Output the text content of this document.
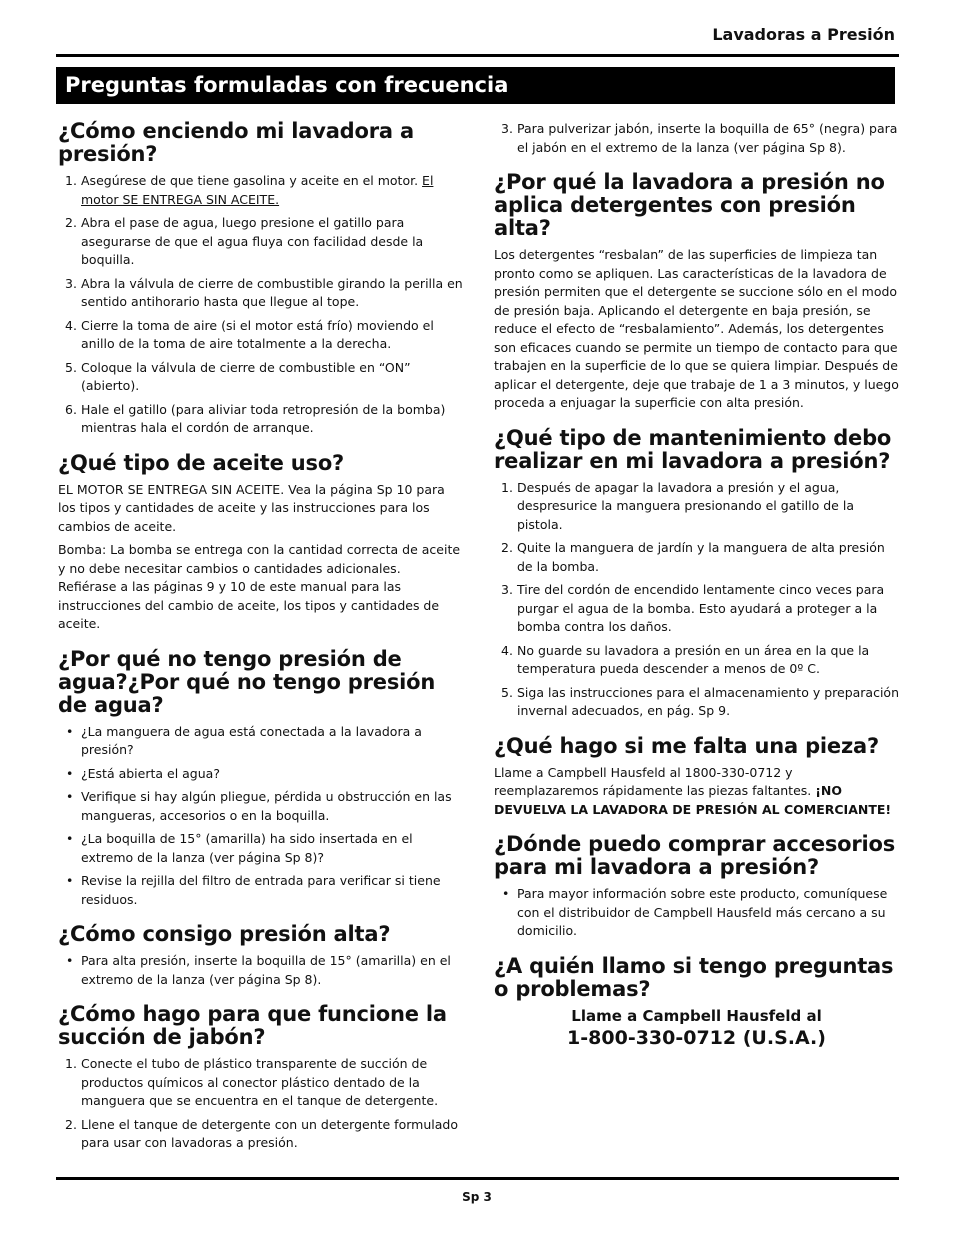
Lavadoras a Presión
Preguntas formuladas con frecuencia
¿Cómo enciendo mi lavadora a presión?
1. Asegúrese de que tiene gasolina y aceite en el motor. El motor SE ENTREGA SIN ACEITE.
2. Abra el pase de agua, luego presione el gatillo para asegurarse de que el agua fluya con facilidad desde la boquilla.
3. Abra la válvula de cierre de combustible girando la perilla en sentido antihorario hasta que llegue al tope.
4. Cierre la toma de aire (si el motor está frío) moviendo el anillo de la toma de aire totalmente a la derecha.
5. Coloque la válvula de cierre de combustible en “ON” (abierto).
6. Hale el gatillo (para aliviar toda retropresión de la bomba) mientras hala el cordón de arranque.
¿Qué tipo de aceite uso?

EL MOTOR SE ENTREGA SIN ACEITE. Vea la página Sp 10 para los tipos y cantidades de aceite y las instrucciones para los cambios de aceite.

Bomba: La bomba se entrega con la cantidad correcta de aceite y no debe necesitar cambios o cantidades adicionales. Refiérase a las páginas 9 y 10 de este manual para las instrucciones del cambio de aceite, los tipos y cantidades de aceite.

¿Por qué no tengo presión de agua?¿Por qué no tengo presión de agua?
• ¿La manguera de agua está conectada a la lavadora a presión?
• ¿Está abierta el agua?
• Verifique si hay algún pliegue, pérdida u obstrucción en las mangueras, accesorios o en la boquilla.
• ¿La boquilla de 15° (amarilla) ha sido insertada en el extremo de la lanza (ver página Sp 8)?
• Revise la rejilla del filtro de entrada para verificar si tiene residuos.
¿Cómo consigo presión alta?
• Para alta presión, inserte la boquilla de 15° (amarilla) en el extremo de la lanza (ver página Sp 8).
¿Cómo hago para que funcione la succión de jabón?
1. Conecte el tubo de plástico transparente de succión de productos químicos al conector plástico dentado de la manguera que se encuentra en el tanque de detergente.
2. Llene el tanque de detergente con un detergente formulado para usar con lavadoras a presión.
3. Para pulverizar jabón, inserte la boquilla de 65° (negra) para el jabón en el extremo de la lanza (ver página Sp 8).
¿Por qué la lavadora a presión no aplica detergentes con presión alta?

Los detergentes “resbalan” de las superficies de limpieza tan pronto como se apliquen. Las características de la lavadora de presión permiten que el detergente se succione sólo en el modo de presión baja. Aplicando el detergente en baja presión, se reduce el efecto de “resbalamiento”. Además, los detergentes son eficaces cuando se permite un tiempo de contacto para que trabajen en la superficie de lo que se quiera limpiar. Después de aplicar el detergente, deje que trabaje de 1 a 3 minutos, y luego proceda a enjuagar la superficie con alta presión.

¿Qué tipo de mantenimiento debo realizar en mi lavadora a presión?
1. Después de apagar la lavadora a presión y el agua, despresurice la manguera presionando el gatillo de la pistola.
2. Quite la manguera de jardín y la manguera de alta presión de la bomba.
3. Tire del cordón de encendido lentamente cinco veces para purgar el agua de la bomba. Esto ayudará a proteger a la bomba contra los daños.
4. No guarde su lavadora a presión en un área en la que la temperatura pueda descender a menos de 0º C.
5. Siga las instrucciones para el almacenamiento y preparación invernal adecuados, en pág. Sp 9.
¿Qué hago si me falta una pieza?

Llame a Campbell Hausfeld al 1800-330-0712 y reemplazaremos rápidamente las piezas faltantes. ¡NO DEVUELVA LA LAVADORA DE PRESIÓN AL COMERCIANTE!

¿Dónde puedo comprar accesorios para mi lavadora a presión?
• Para mayor información sobre este producto, comuníquese con el distribuidor de Campbell Hausfeld más cercano a su domicilio.
¿A quién llamo si tengo preguntas o problemas?
Llame a Campbell Hausfeld al
1-800-330-0712 (U.S.A.)
Sp 3
